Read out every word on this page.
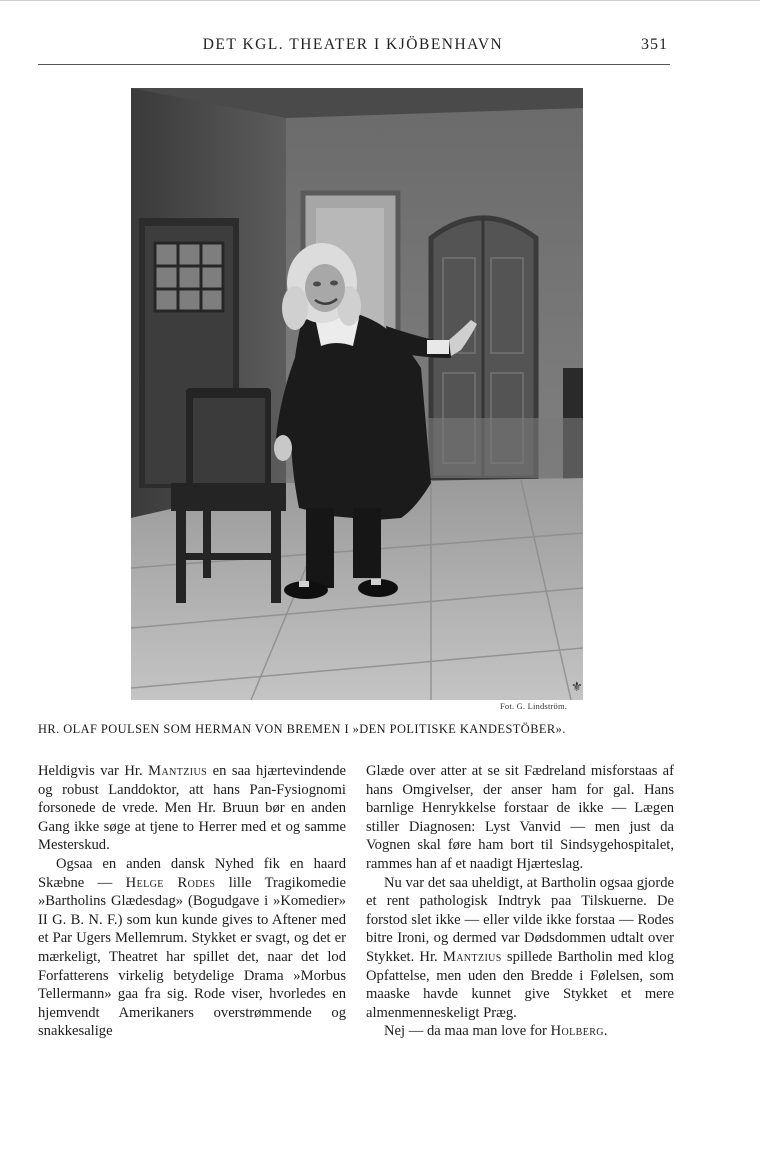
DET KGL. THEATER I KJÖBENHAVN	351
⚜
Fot. G. Lindström.
HR. OLAF POULSEN SOM HERMAN VON BREMEN I »DEN POLITISKE KANDESTÖBER».

Heldigvis var Hr. Mantzius en saa hjærtevindende og robust Landdoktor, att hans Pan-Fysiognomi forsonede de vrede. Men Hr. Bruun bør en anden Gang ikke søge at tjene to Herrer med et og samme Mesterskud.

Ogsaa en anden dansk Nyhed fik en haard Skæbne — Helge Rodes lille Tragikomedie »Bartholins Glædesdag» (Bogudgave i »Komedier» II G. B. N. F.) som kun kunde gives to Aftener med et Par Ugers Mellemrum. Stykket er svagt, og det er mærkeligt, Theatret har spillet det, naar det lod Forfatterens virkelig betydelige Drama »Morbus Tellermann» gaa fra sig. Rode viser, hvorledes en hjemvendt Amerikaners overstrømmende og snakkesalige

Glæde over atter at se sit Fædreland misforstaas af hans Omgivelser, der anser ham for gal. Hans barnlige Henrykkelse forstaar de ikke — Lægen stiller Diagnosen: Lyst Vanvid — men just da Vognen skal føre ham bort til Sindsygehospitalet, rammes han af et naadigt Hjærteslag.

Nu var det saa uheldigt, at Bartholin ogsaa gjorde et rent pathologisk Indtryk paa Tilskuerne. De forstod slet ikke — eller vilde ikke forstaa — Rodes bitre Ironi, og dermed var Dødsdommen udtalt over Stykket. Hr. Mantzius spillede Bartholin med klog Opfattelse, men uden den Bredde i Følelsen, som maaske havde kunnet give Stykket et mere almenmenneskeligt Præg.

Nej — da maa man love for Holberg.
